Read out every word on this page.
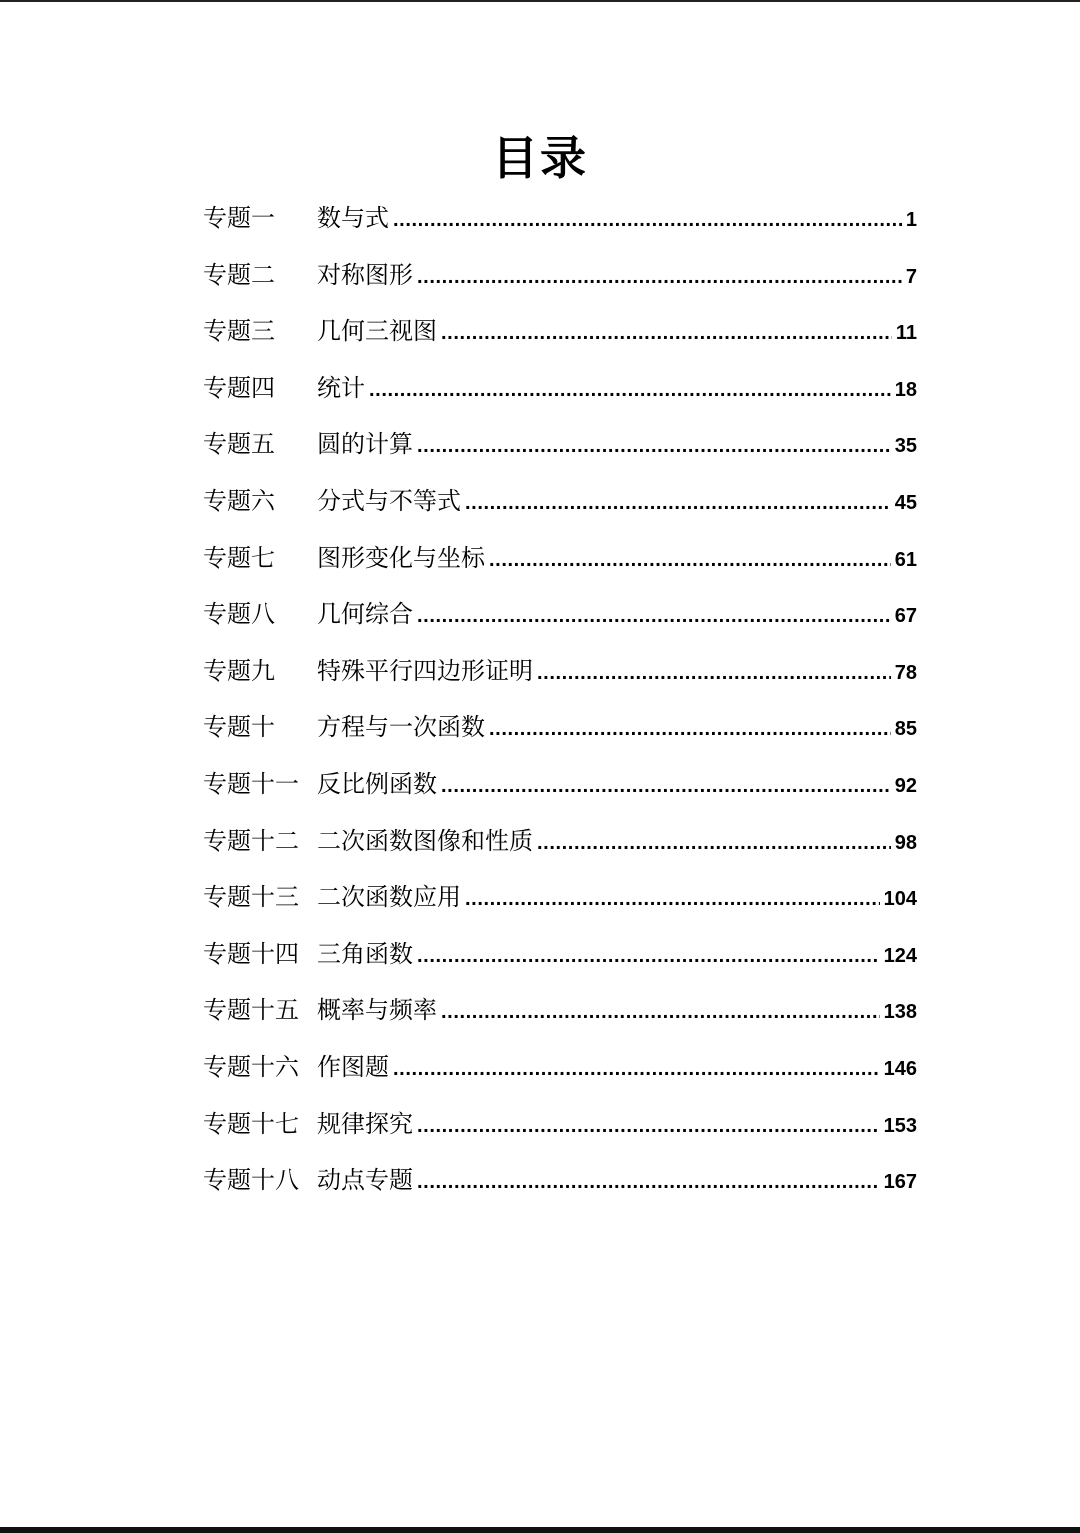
目录
专题一	数与式 .....	1
专题二	对称图形 .....	7
专题三	几何三视图 .....	11
专题四	统计 .....	18
专题五	圆的计算 .....	35
专题六	分式与不等式 .....	45
专题七	图形变化与坐标 .....	61
专题八	几何综合 .....	67
专题九	特殊平行四边形证明 .....	78
专题十	方程与一次函数 .....	85
专题十一 反比例函数 .....	92
专题十二 二次函数图像和性质 .....	98
专题十三 二次函数应用 .....	104
专题十四 三角函数 .....	124
专题十五 概率与频率 .....	138
专题十六 作图题 .....	146
专题十七 规律探究 .....	153
专题十八 动点专题 .....	167
